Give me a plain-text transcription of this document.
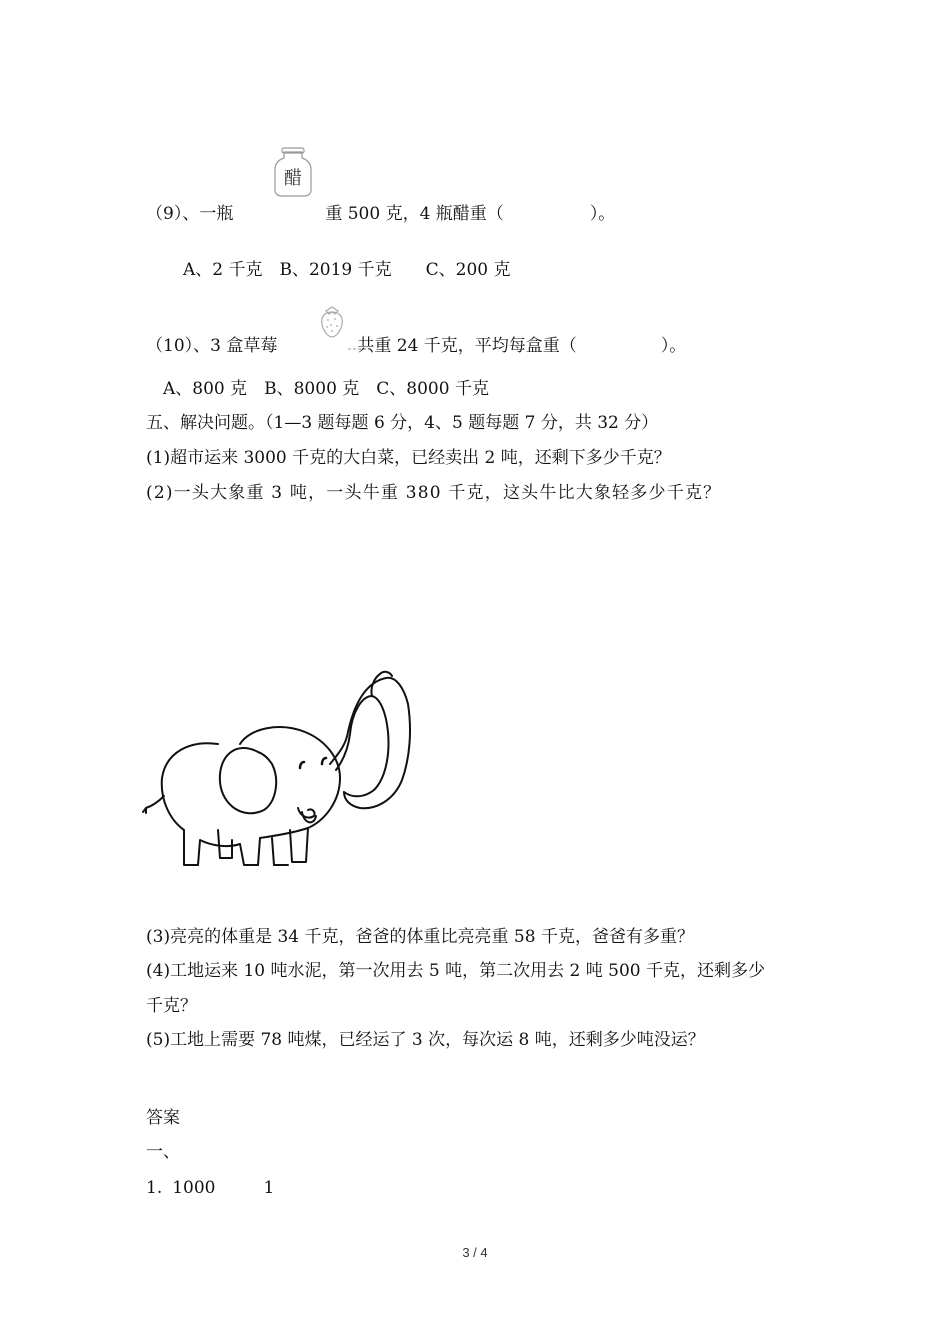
醋
（9）、一瓶	重 500 克，4 瓶醋重（	）。
A、2 千克　B、2019 千克　　C、200 克
（10）、3 盒草莓	共重 24 千克，平均每盒重（	）。
A、800 克　B、8000 克　C、8000 千克
五、解决问题。（1—3 题每题 6 分，4、5 题每题 7 分，共 32 分）
(1)超市运来 3000 千克的大白菜，已经卖出 2 吨，还剩下多少千克？
(2)一头大象重 3 吨，一头牛重 380 千克，这头牛比大象轻多少千克？
(3)亮亮的体重是 34 千克，爸爸的体重比亮亮重 58 千克，爸爸有多重？
(4)工地运来 10 吨水泥，第一次用去 5 吨，第二次用去 2 吨 500 千克，还剩多少
千克？
(5)工地上需要 78 吨煤，已经运了 3 次，每次运 8 吨，还剩多少吨没运？
答案
一、
1. 1000	1
3 / 4
